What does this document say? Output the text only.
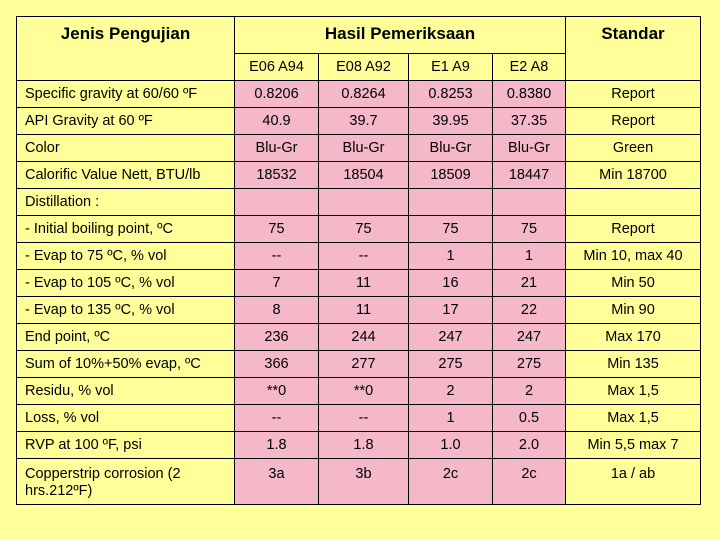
Jenis Pengujian	Hasil Pemeriksaan				Standar
	E06 A94	E08 A92	E1 A9	E2 A8	
Specific gravity at 60/60 ºF	0.8206	0.8264	0.8253	0.8380	Report
API Gravity at 60 ºF	40.9	39.7	39.95	37.35	Report
Color	Blu-Gr	Blu-Gr	Blu-Gr	Blu-Gr	Green
Calorific Value Nett, BTU/lb	18532	18504	18509	18447	Min 18700
Distillation :					
- Initial boiling point, ºC	75	75	75	75	Report
- Evap to 75 ºC, % vol	--	--	1	1	Min 10, max 40
- Evap to 105 ºC, % vol	7	11	16	21	Min 50
- Evap to 135 ºC, % vol	8	11	17	22	Min 90
End point, ºC	236	244	247	247	Max 170
Sum of 10%+50% evap, ºC	366	277	275	275	Min 135
Residu, % vol	**0	**0	2	2	Max 1,5
Loss, % vol	--	--	1	0.5	Max 1,5
RVP at 100 ºF, psi	1.8	1.8	1.0	2.0	Min 5,5 max 7
Copperstrip corrosion (2 hrs.212ºF)	3a	3b	2c	2c	1a / ab
